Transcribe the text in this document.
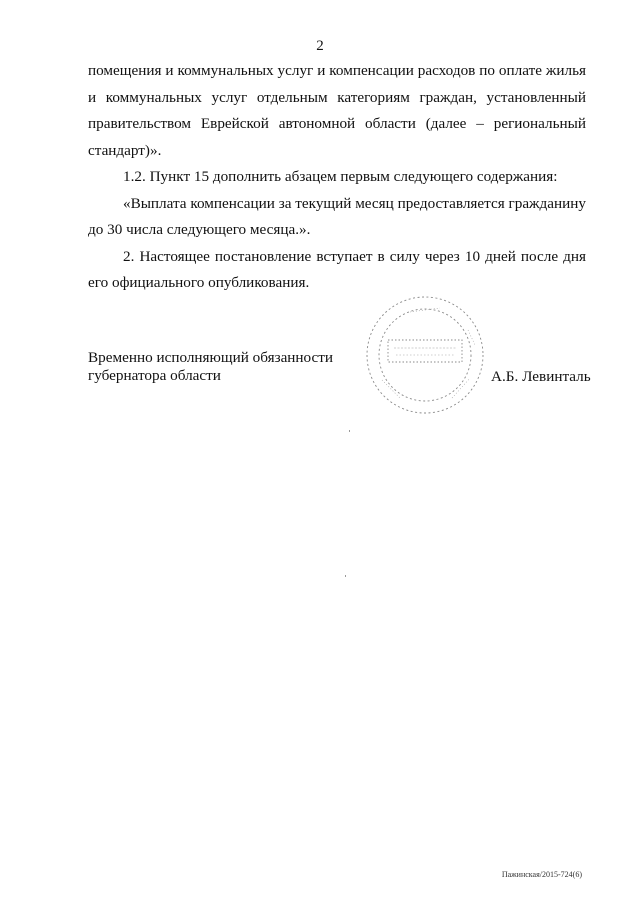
2

помещения и коммунальных услуг и компенсации расходов по оплате жилья и коммунальных услуг отдельным категориям граждан, установленный правительством Еврейской автономной области (далее – региональный стандарт)».

1.2. Пункт 15 дополнить абзацем первым следующего содержания:

«Выплата компенсации за текущий месяц предоставляется гражданину до 30 числа следующего месяца.».

2. Настоящее постановление вступает в силу через 10 дней после дня его официального опубликования.

Временно исполняющий обязанности
губернатора области	А.Б. Левинталь
Пажинская/2015-724(6)
